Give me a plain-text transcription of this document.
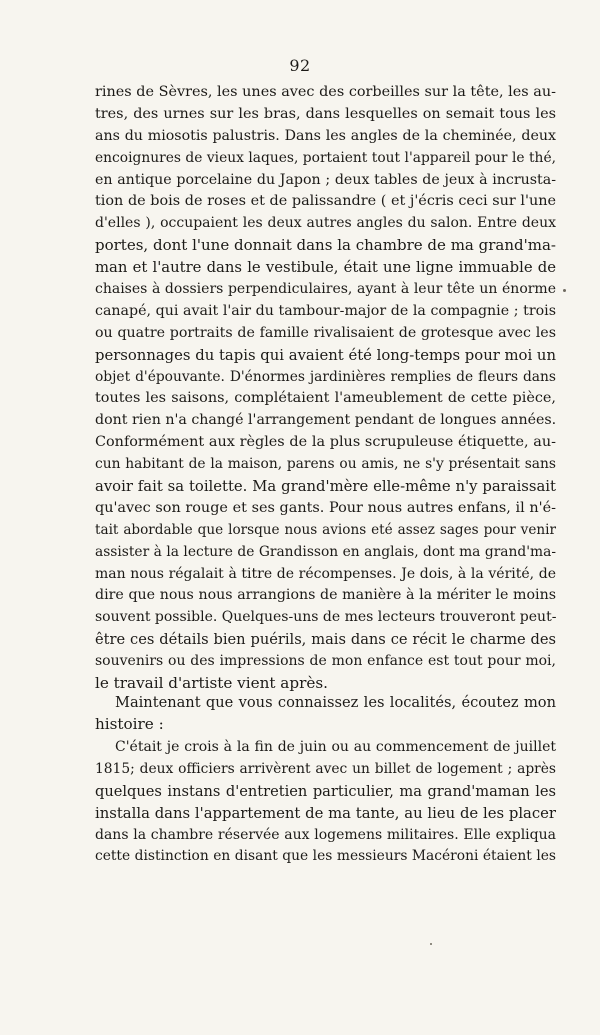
92
rines de Sèvres, les unes avec des corbeilles sur la tête, les au-
tres, des urnes sur les bras, dans lesquelles on semait tous les
ans du miosotis palustris. Dans les angles de la cheminée, deux
encoignures de vieux laques, portaient tout l'appareil pour le thé,
en antique porcelaine du Japon ; deux tables de jeux à incrusta-
tion de bois de roses et de palissandre ( et j'écris ceci sur l'une
d'elles ), occupaient les deux autres angles du salon. Entre deux
portes, dont l'une donnait dans la chambre de ma grand'ma-
man et l'autre dans le vestibule, était une ligne immuable de
chaises à dossiers perpendiculaires, ayant à leur tête un énorme
canapé, qui avait l'air du tambour-major de la compagnie ; trois
ou quatre portraits de famille rivalisaient de grotesque avec les
personnages du tapis qui avaient été long-temps pour moi un
objet d'épouvante. D'énormes jardinières remplies de fleurs dans
toutes les saisons, complétaient l'ameublement de cette pièce,
dont rien n'a changé l'arrangement pendant de longues années.
Conformément aux règles de la plus scrupuleuse étiquette, au-
cun habitant de la maison, parens ou amis, ne s'y présentait sans
avoir fait sa toilette. Ma grand'mère elle-même n'y paraissait
qu'avec son rouge et ses gants. Pour nous autres enfans, il n'é-
tait abordable que lorsque nous avions eté assez sages pour venir
assister à la lecture de Grandisson en anglais, dont ma grand'ma-
man nous régalait à titre de récompenses. Je dois, à la vérité, de
dire que nous nous arrangions de manière à la mériter le moins
souvent possible. Quelques-uns de mes lecteurs trouveront peut-
être ces détails bien puérils, mais dans ce récit le charme des
souvenirs ou des impressions de mon enfance est tout pour moi,
le travail d'artiste vient après.
Maintenant que vous connaissez les localités, écoutez mon
histoire :
C'était je crois à la fin de juin ou au commencement de juillet
1815; deux officiers arrivèrent avec un billet de logement ; après
quelques instans d'entretien particulier, ma grand'maman les
installa dans l'appartement de ma tante, au lieu de les placer
dans la chambre réservée aux logemens militaires. Elle expliqua
cette distinction en disant que les messieurs Macéroni étaient les
